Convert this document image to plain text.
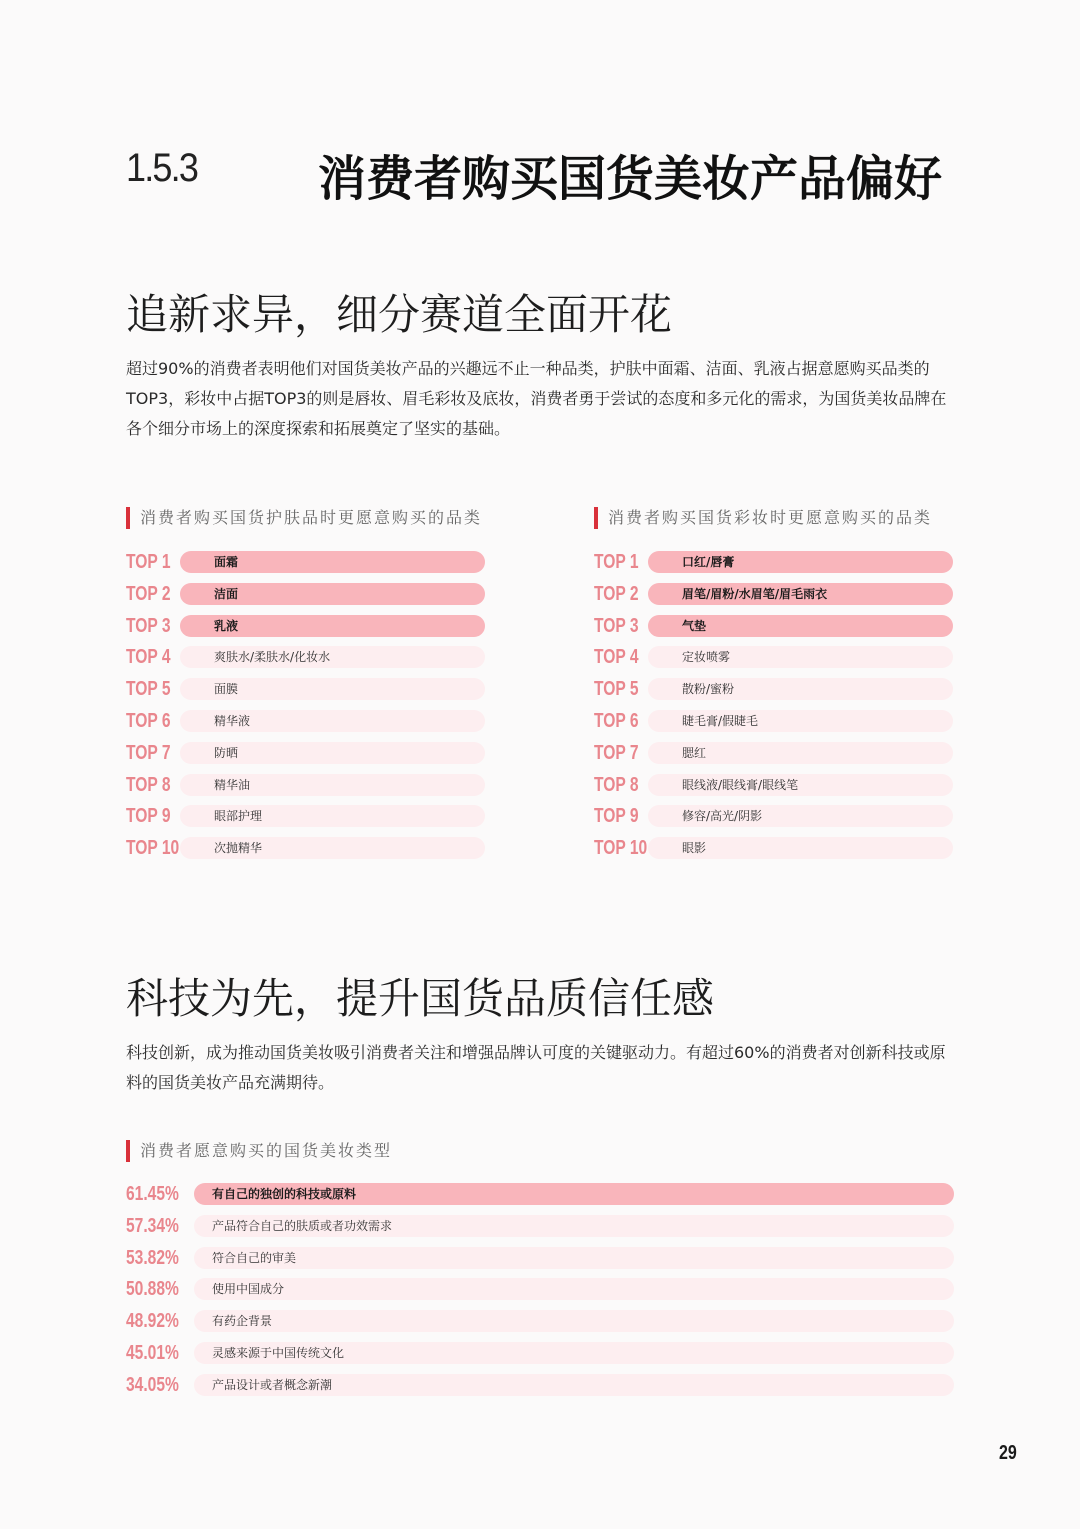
1.5.3	消费者购买国货美妆产品偏好
追新求异，细分赛道全面开花
超过90%的消费者表明他们对国货美妆产品的兴趣远不止一种品类，护肤中面霜、洁面、乳液占据意愿购买品类的TOP3，彩妆中占据TOP3的则是唇妆、眉毛彩妆及底妆，消费者勇于尝试的态度和多元化的需求，为国货美妆品牌在各个细分市场上的深度探索和拓展奠定了坚实的基础。
消费者购买国货护肤品时更愿意购买的品类
TOP 1	面霜
TOP 2	洁面
TOP 3	乳液
TOP 4	爽肤水/柔肤水/化妆水
TOP 5	面膜
TOP 6	精华液
TOP 7	防晒
TOP 8	精华油
TOP 9	眼部护理
TOP 10	次抛精华
消费者购买国货彩妆时更愿意购买的品类
TOP 1	口红/唇膏
TOP 2	眉笔/眉粉/水眉笔/眉毛雨衣
TOP 3	气垫
TOP 4	定妆喷雾
TOP 5	散粉/蜜粉
TOP 6	睫毛膏/假睫毛
TOP 7	腮红
TOP 8	眼线液/眼线膏/眼线笔
TOP 9	修容/高光/阴影
TOP 10	眼影
科技为先，提升国货品质信任感
科技创新，成为推动国货美妆吸引消费者关注和增强品牌认可度的关键驱动力。有超过60%的消费者对创新科技或原料的国货美妆产品充满期待。
消费者愿意购买的国货美妆类型
61.45%	有自己的独创的科技或原料
57.34%	产品符合自己的肤质或者功效需求
53.82%	符合自己的审美
50.88%	使用中国成分
48.92%	有药企背景
45.01%	灵感来源于中国传统文化
34.05%	产品设计或者概念新潮
29
